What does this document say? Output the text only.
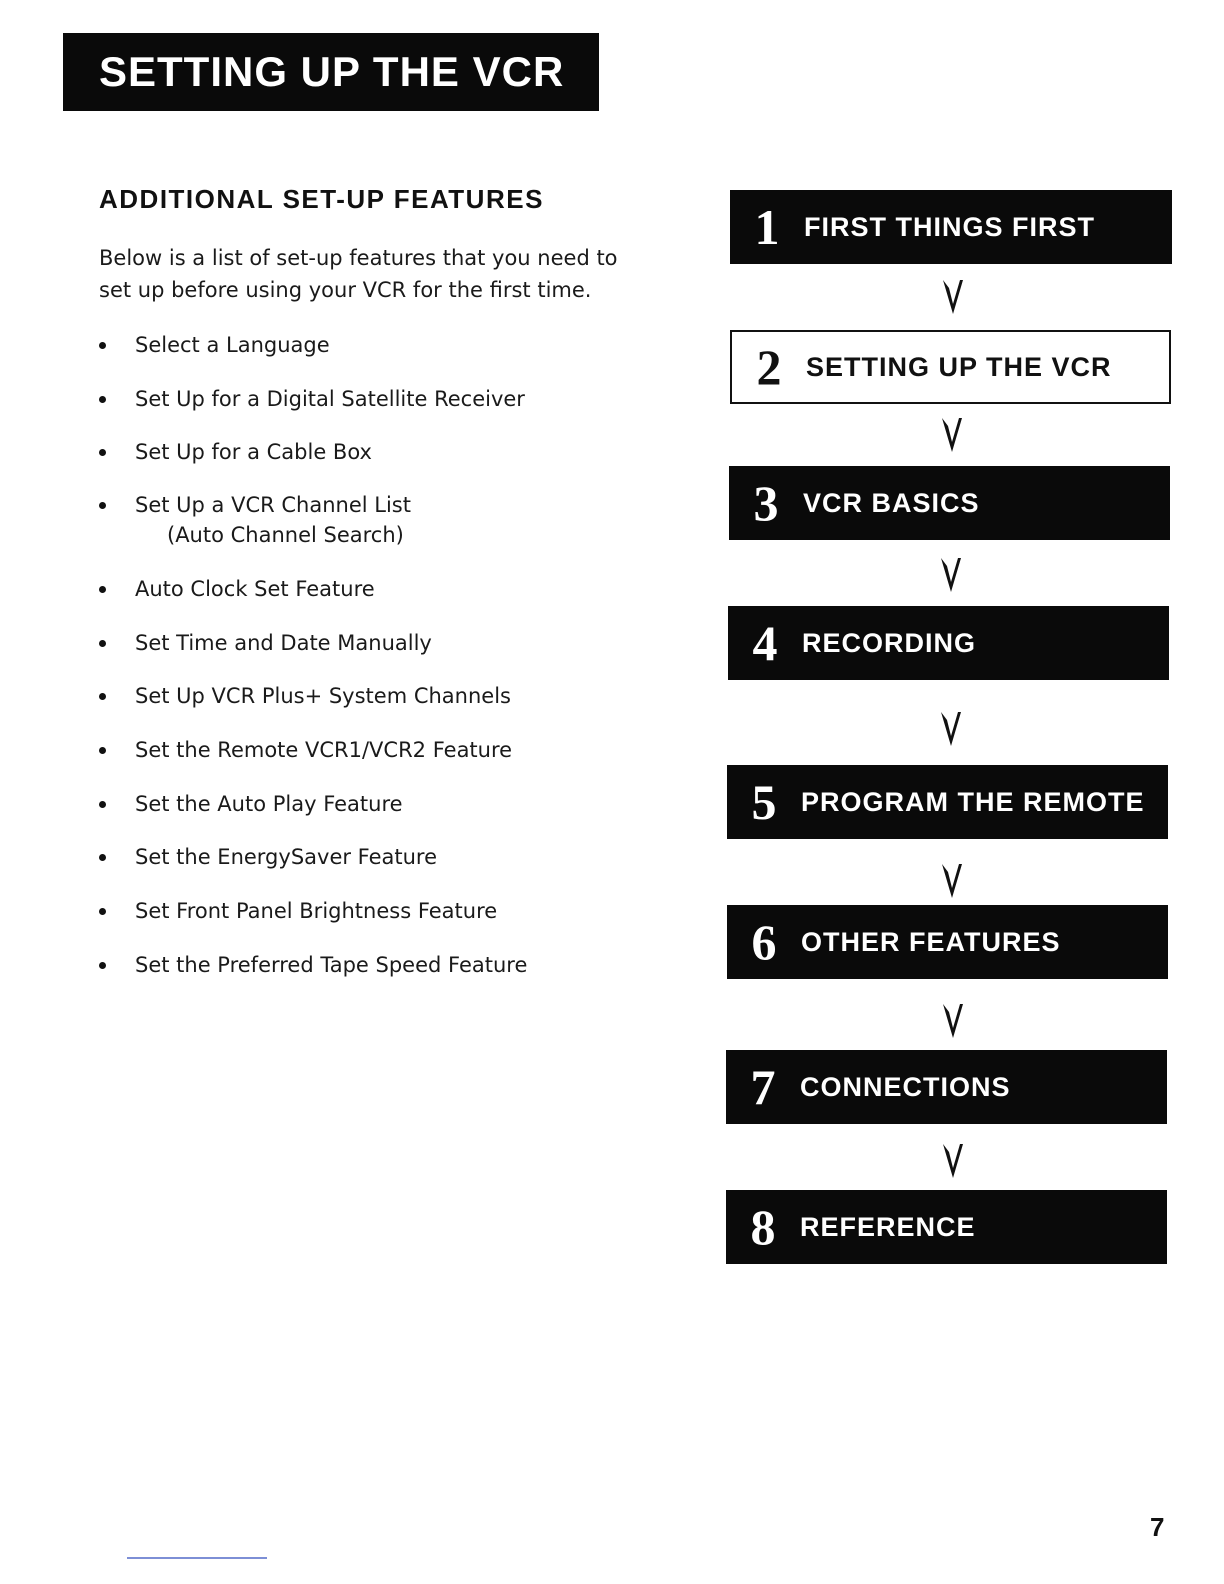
SETTING UP THE VCR
ADDITIONAL SET-UP FEATURES
Below is a list of set-up features that you need to set up before using your VCR for the first time.
Select a Language
Set Up for a Digital Satellite Receiver
Set Up for a Cable Box
Set Up a VCR Channel List
(Auto Channel Search)
Auto Clock Set Feature
Set Time and Date Manually
Set Up VCR Plus+ System Channels
Set the Remote VCR1/VCR2 Feature
Set the Auto Play Feature
Set the EnergySaver Feature
Set Front Panel Brightness Feature
Set the Preferred Tape Speed Feature
1 FIRST THINGS FIRST
2 SETTING UP THE VCR
3 VCR BASICS
4 RECORDING
5 PROGRAM THE REMOTE
6 OTHER FEATURES
7 CONNECTIONS
8 REFERENCE
7
